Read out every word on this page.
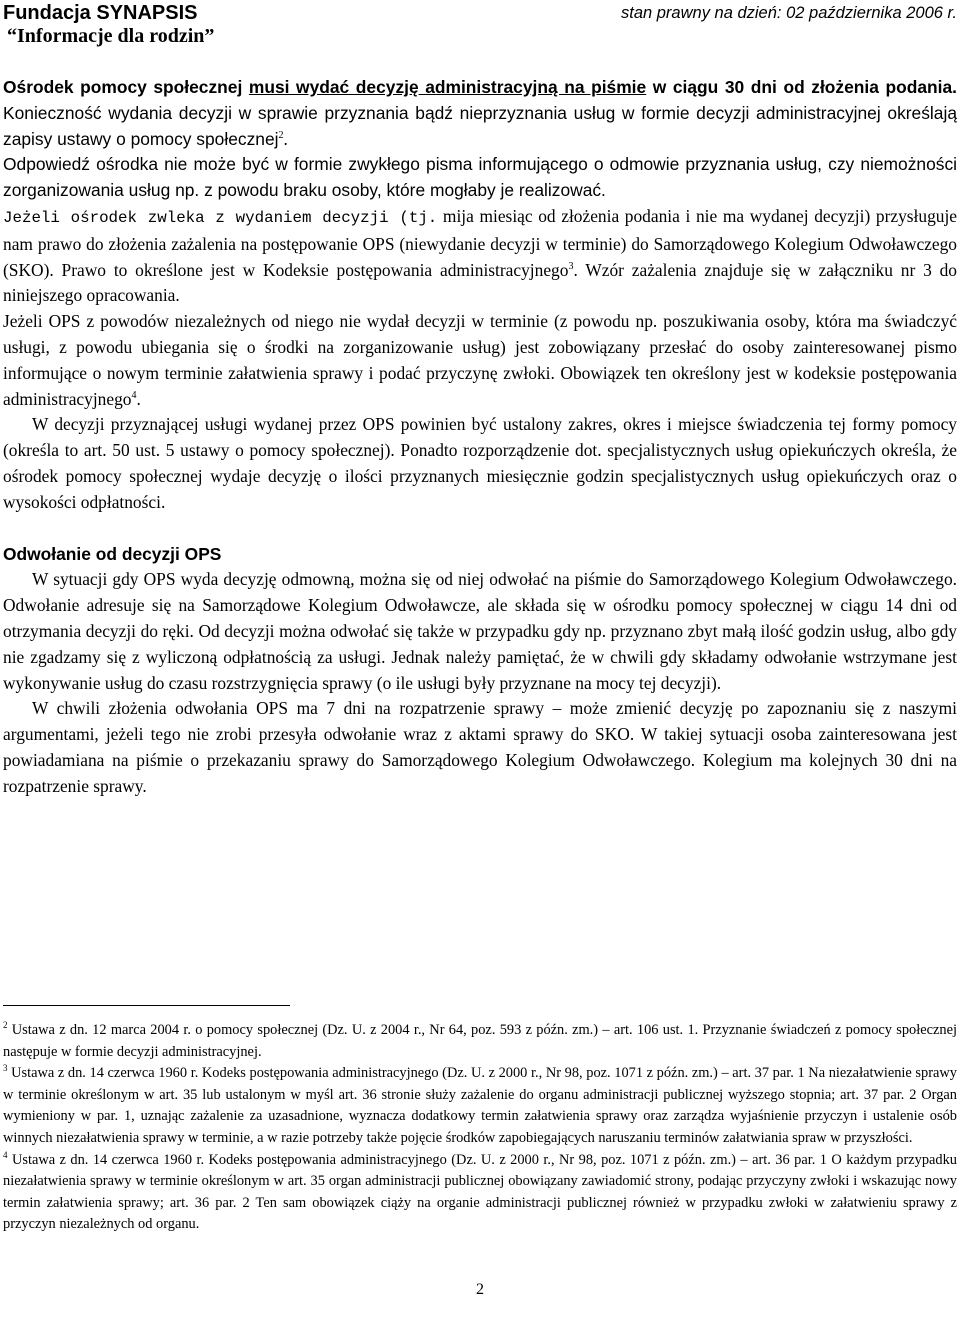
Fundacja SYNAPSIS
“Informacje dla rodzin”
stan prawny na dzień: 02 października 2006 r.

Ośrodek pomocy społecznej musi wydać decyzję administracyjną na piśmie w ciągu 30 dni od złożenia podania. Konieczność wydania decyzji w sprawie przyznania bądź nieprzyznania usług w formie decyzji administracyjnej określają zapisy ustawy o pomocy społecznej$^2$.

Odpowiedź ośrodka nie może być w formie zwykłego pisma informującego o odmowie przyznania usług, czy niemożności zorganizowania usług np. z powodu braku osoby, które mogłaby je realizować.

Jeżeli ośrodek zwleka z wydaniem decyzji (tj. mija miesiąc od złożenia podania i nie ma wydanej decyzji) przysługuje nam prawo do złożenia zażalenia na postępowanie OPS (niewydanie decyzji w terminie) do Samorządowego Kolegium Odwoławczego (SKO). Prawo to określone jest w Kodeksie postępowania administracyjnego$^3$. Wzór zażalenia znajduje się w załączniku nr 3 do niniejszego opracowania.

Jeżeli OPS z powodów niezależnych od niego nie wydał decyzji w terminie (z powodu np. poszukiwania osoby, która ma świadczyć usługi, z powodu ubiegania się o środki na zorganizowanie usług) jest zobowiązany przesłać do osoby zainteresowanej pismo informujące o nowym terminie załatwienia sprawy i podać przyczynę zwłoki. Obowiązek ten określony jest w kodeksie postępowania administracyjnego$^4$.

W decyzji przyznającej usługi wydanej przez OPS powinien być ustalony zakres, okres i miejsce świadczenia tej formy pomocy (określa to art. 50 ust. 5 ustawy o pomocy społecznej). Ponadto rozporządzenie dot. specjalistycznych usług opiekuńczych określa, że ośrodek pomocy społecznej wydaje decyzję o ilości przyznanych miesięcznie godzin specjalistycznych usług opiekuńczych oraz o wysokości odpłatności.

Odwołanie od decyzji OPS

W sytuacji gdy OPS wyda decyzję odmowną, można się od niej odwołać na piśmie do Samorządowego Kolegium Odwoławczego. Odwołanie adresuje się na Samorządowe Kolegium Odwoławcze, ale składa się w ośrodku pomocy społecznej w ciągu 14 dni od otrzymania decyzji do ręki. Od decyzji można odwołać się także w przypadku gdy np. przyznano zbyt małą ilość godzin usług, albo gdy nie zgadzamy się z wyliczoną odpłatnością za usługi. Jednak należy pamiętać, że w chwili gdy składamy odwołanie wstrzymane jest wykonywanie usług do czasu rozstrzygnięcia sprawy (o ile usługi były przyznane na mocy tej decyzji).

W chwili złożenia odwołania OPS ma 7 dni na rozpatrzenie sprawy – może zmienić decyzję po zapoznaniu się z naszymi argumentami, jeżeli tego nie zrobi przesyła odwołanie wraz z aktami sprawy do SKO. W takiej sytuacji osoba zainteresowana jest powiadamiana na piśmie o przekazaniu sprawy do Samorządowego Kolegium Odwoławczego. Kolegium ma kolejnych 30 dni na rozpatrzenie sprawy.

$^2$ Ustawa z dn. 12 marca 2004 r. o pomocy społecznej (Dz. U. z 2004 r., Nr 64, poz. 593 z późn. zm.) – art. 106 ust. 1. Przyznanie świadczeń z pomocy społecznej następuje w formie decyzji administracyjnej.

$^3$ Ustawa z dn. 14 czerwca 1960 r. Kodeks postępowania administracyjnego (Dz. U. z 2000 r., Nr 98, poz. 1071 z późn. zm.) – art. 37 par. 1 Na niezałatwienie sprawy w terminie określonym w art. 35 lub ustalonym w myśl art. 36 stronie służy zażalenie do organu administracji publicznej wyższego stopnia; art. 37 par. 2 Organ wymieniony w par. 1, uznając zażalenie za uzasadnione, wyznacza dodatkowy termin załatwienia sprawy oraz zarządza wyjaśnienie przyczyn i ustalenie osób winnych niezałatwienia sprawy w terminie, a w razie potrzeby także pojęcie środków zapobiegających naruszaniu terminów załatwiania spraw w przyszłości.

$^4$ Ustawa z dn. 14 czerwca 1960 r. Kodeks postępowania administracyjnego (Dz. U. z 2000 r., Nr 98, poz. 1071 z późn. zm.) – art. 36 par. 1 O każdym przypadku niezałatwienia sprawy w terminie określonym w art. 35 organ administracji publicznej obowiązany zawiadomić strony, podając przyczyny zwłoki i wskazując nowy termin załatwienia sprawy; art. 36 par. 2 Ten sam obowiązek ciąży na organie administracji publicznej również w przypadku zwłoki w załatwieniu sprawy z przyczyn niezależnych od organu.

2
